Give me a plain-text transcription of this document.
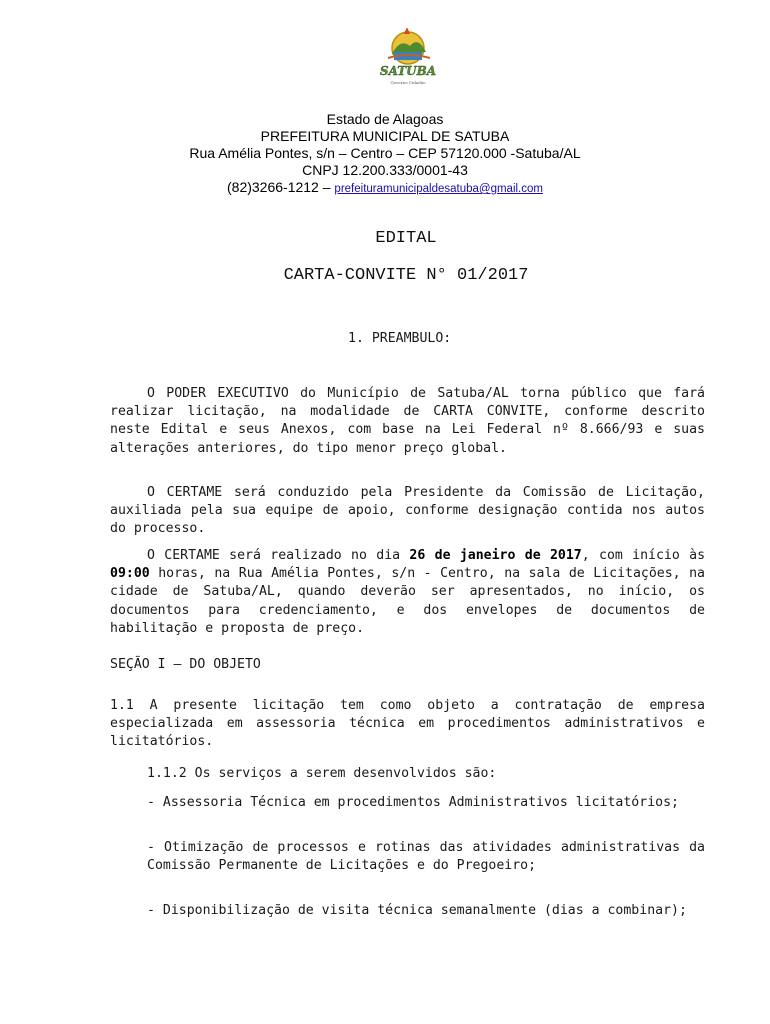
SATUBA
Governo Cidadão
Estado de Alagoas
PREFEITURA MUNICIPAL DE SATUBA
Rua Amélia Pontes, s/n – Centro – CEP 57120.000 -Satuba/AL
CNPJ 12.200.333/0001-43
(82)3266-1212 – prefeituramunicipaldesatuba@gmail.com
EDITAL
CARTA-CONVITE N° 01/2017
1. PREAMBULO:
O PODER EXECUTIVO do Município de Satuba/AL torna público que fará realizar licitação, na modalidade de CARTA CONVITE, conforme descrito neste Edital e seus Anexos, com base na Lei Federal nº 8.666/93 e suas alterações anteriores, do tipo menor preço global.
O CERTAME será conduzido pela Presidente da Comissão de Licitação, auxiliada pela sua equipe de apoio, conforme designação contida nos autos do processo.
O CERTAME será realizado no dia 26 de janeiro de 2017, com início às 09:00 horas, na Rua Amélia Pontes, s/n - Centro, na sala de Licitações, na cidade de Satuba/AL, quando deverão ser apresentados, no início, os documentos para credenciamento, e dos envelopes de documentos de habilitação e proposta de preço.
SEÇÃO I – DO OBJETO
1.1 A presente licitação tem como objeto a contratação de empresa especializada em assessoria técnica em procedimentos administrativos e licitatórios.
1.1.2 Os serviços a serem desenvolvidos são:
- Assessoria Técnica em procedimentos Administrativos licitatórios;
- Otimização de processos e rotinas das atividades administrativas da Comissão Permanente de Licitações e do Pregoeiro;
- Disponibilização de visita técnica semanalmente (dias a combinar);
